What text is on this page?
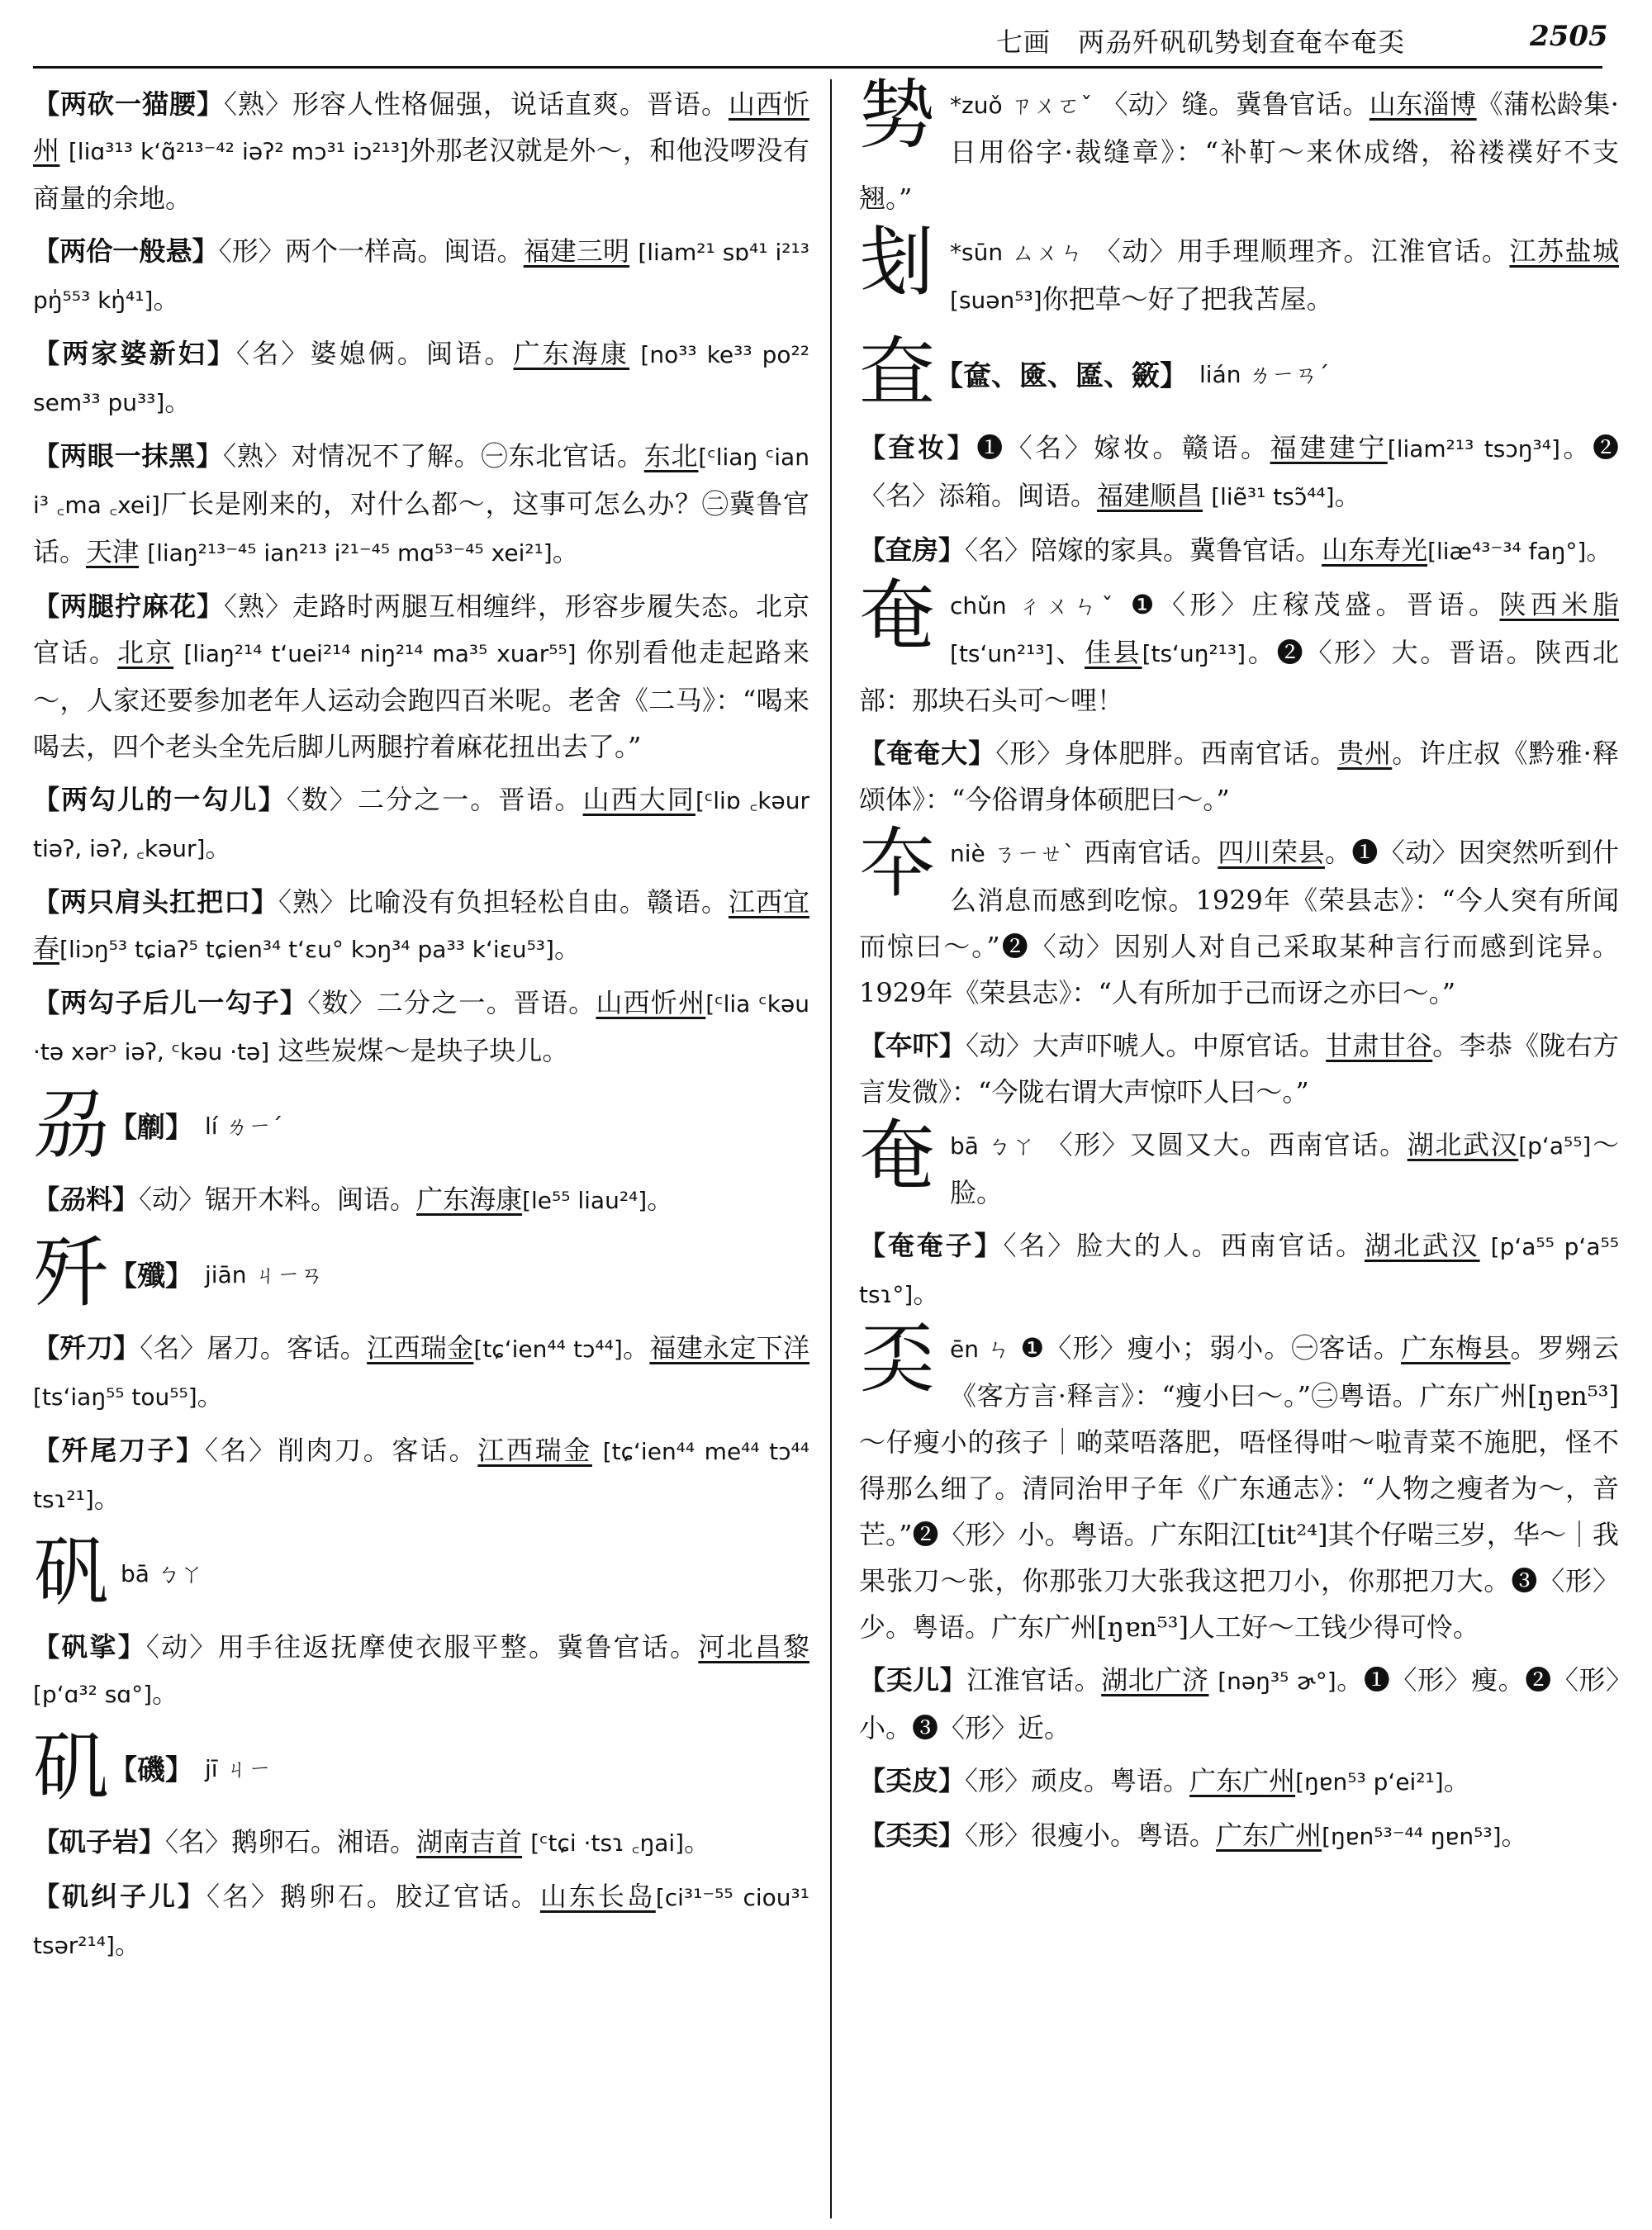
七画　两刕歼矾矶㔟刬㚗奄夲奄奀	2505

【 两砍一猫腰 】 〈熟〉形容人性格倔强，说话直爽。晋语。山西忻州 [liɑ³¹³ kʻɑ̃²¹³⁻⁴² iəʔ² mɔ³¹ iɔ²¹³]外那老汉就是外～，和他没啰没有商量的余地。

【 两佮一般悬 】 〈形〉两个一样高。闽语。福建三明 [liam²¹ sɒ⁴¹ i²¹³ pŋ̍⁵⁵³ kŋ̍⁴¹]。

【 两家婆新妇 】 〈名〉婆媳俩。闽语。广东海康 [no³³ ke³³ po²² sem³³ pu³³]。

【 两眼一抹黑 】 〈熟〉对情况不了解。㊀东北官话。东北[ᶜliaŋ ᶜian i³ ꜀ma ꜀xei]厂长是刚来的，对什么都～，这事可怎么办？㊁冀鲁官话。天津 [liaŋ²¹³⁻⁴⁵ ian²¹³ i²¹⁻⁴⁵ mɑ⁵³⁻⁴⁵ xei²¹]。

【 两腿拧麻花 】 〈熟〉走路时两腿互相缠绊，形容步履失态。北京官话。北京 [liaŋ²¹⁴ tʻuei²¹⁴ niŋ²¹⁴ ma³⁵ xuar⁵⁵] 你别看他走起路来～，人家还要参加老年人运动会跑四百米呢。老舍《二马》：“喝来喝去，四个老头全先后脚儿两腿拧着麻花扭出去了。”

【 两勾儿的一勾儿 】 〈数〉二分之一。晋语。山西大同[ᶜliɒ ꜀kəur tiəʔ, iəʔ, ꜀kəur]。

【 两只肩头扛把口 】 〈熟〉比喻没有负担轻松自由。赣语。江西宜春[liɔŋ⁵³ tɕiaʔ⁵ tɕien³⁴ tʻɛu° kɔŋ³⁴ pa³³ kʻiɛu⁵³]。

【 两勾子后儿一勾子 】 〈数〉二分之一。晋语。山西忻州[ᶜlia ᶜkəu ·tə xərᵓ iəʔ, ᶜkəu ·tə] 这些炭煤～是块子块儿。

刕【劘】 lí ㄌㄧˊ

【 刕料 】 〈动〉锯开木料。闽语。广东海康[le⁵⁵ liau²⁴]。

歼【殲】 jiān ㄐㄧㄢ

【 歼刀 】 〈名〉屠刀。客话。江西瑞金[tɕʻien⁴⁴ tɔ⁴⁴]。福建永定下洋[tsʻiaŋ⁵⁵ tou⁵⁵]。

【 歼尾刀子 】 〈名〉削肉刀。客话。江西瑞金 [tɕʻien⁴⁴ me⁴⁴ tɔ⁴⁴ tsɿ²¹]。

矾bā ㄅㄚ

【 矾挲 】 〈动〉用手往返抚摩使衣服平整。冀鲁官话。河北昌黎[pʻɑ³² sɑ°]。

矶【磯】 jī ㄐㄧ

【 矶子岩 】 〈名〉鹅卵石。湘语。湖南吉首 [ᶜtɕi ·tsɿ ꜀ŋai]。

【 矶纠子儿 】 〈名〉鹅卵石。胶辽官话。山东长岛[ci³¹⁻⁵⁵ ciou³¹ tsər²¹⁴]。

㔟 *zuǒ ㄗㄨㄛˇ 〈动〉缝。冀鲁官话。山东淄博《蒲松龄集·日用俗字·裁缝章》：“补靪～来休成绺，裕褛襆好不支翘。”

刬 *sūn ㄙㄨㄣ 〈动〉用手理顺理齐。江淮官话。江苏盐城[suən⁵³]你把草～好了把我苫屋。

㚗【奩、匳、匲、籢】 lián ㄌㄧㄢˊ

【 㚗妆 】 ❶〈名〉嫁妆。赣语。福建建宁[liam²¹³ tsɔŋ³⁴]。❷〈名〉添箱。闽语。福建顺昌 [liẽ³¹ tsɔ̃⁴⁴]。

【 㚗房 】 〈名〉陪嫁的家具。冀鲁官话。山东寿光[liæ⁴³⁻³⁴ faŋ°]。

奄chǔn ㄔㄨㄣˇ ❶〈形〉庄稼茂盛。晋语。陕西米脂[tsʻun²¹³]、佳县[tsʻuŋ²¹³]。❷〈形〉大。晋语。陕西北部：那块石头可～哩！

【 奄奄大 】 〈形〉身体肥胖。西南官话。贵州。许庄叔《黔雅·释颂体》：“今俗谓身体硕肥曰～。”

夲niè ㄋㄧㄝˋ 西南官话。四川荣县。❶〈动〉因突然听到什么消息而感到吃惊。1929年《荣县志》：“今人突有所闻而惊曰～。”❷〈动〉因别人对自己采取某种言行而感到诧异。1929年《荣县志》：“人有所加于己而讶之亦曰～。”

【 夲吓 】 〈动〉大声吓唬人。中原官话。甘肃甘谷。李恭《陇右方言发微》：“今陇右谓大声惊吓人曰～。”

奄bā ㄅㄚ 〈形〉又圆又大。西南官话。湖北武汉[pʻa⁵⁵]～脸。

【 奄奄子 】 〈名〉脸大的人。西南官话。湖北武汉 [pʻa⁵⁵ pʻa⁵⁵ tsɿ°]。

奀ēn ㄣ ❶〈形〉瘦小；弱小。㊀客话。广东梅县。罗翙云《客方言·释言》：“瘦小曰～。”㊁粤语。广东广州[ŋɐn⁵³]～仔瘦小的孩子｜啲菜唔落肥，唔怪得咁～啦青菜不施肥，怪不得那么细了。清同治甲子年《广东通志》：“人物之瘦者为～，音芒。”❷〈形〉小。粤语。广东阳江[tit²⁴]其个仔啱三岁，华～｜我果张刀～张，你那张刀大张我这把刀小，你那把刀大。❸〈形〉少。粤语。广东广州[ŋɐn⁵³]人工好～工钱少得可怜。

【 奀儿 】 江淮官话。湖北广济 [nəŋ³⁵ ɚ°]。❶〈形〉瘦。❷〈形〉小。❸〈形〉近。

【 奀皮 】 〈形〉顽皮。粤语。广东广州[ŋɐn⁵³ pʻei²¹]。

【 奀奀 】 〈形〉很瘦小。粤语。广东广州[ŋɐn⁵³⁻⁴⁴ ŋɐn⁵³]。
